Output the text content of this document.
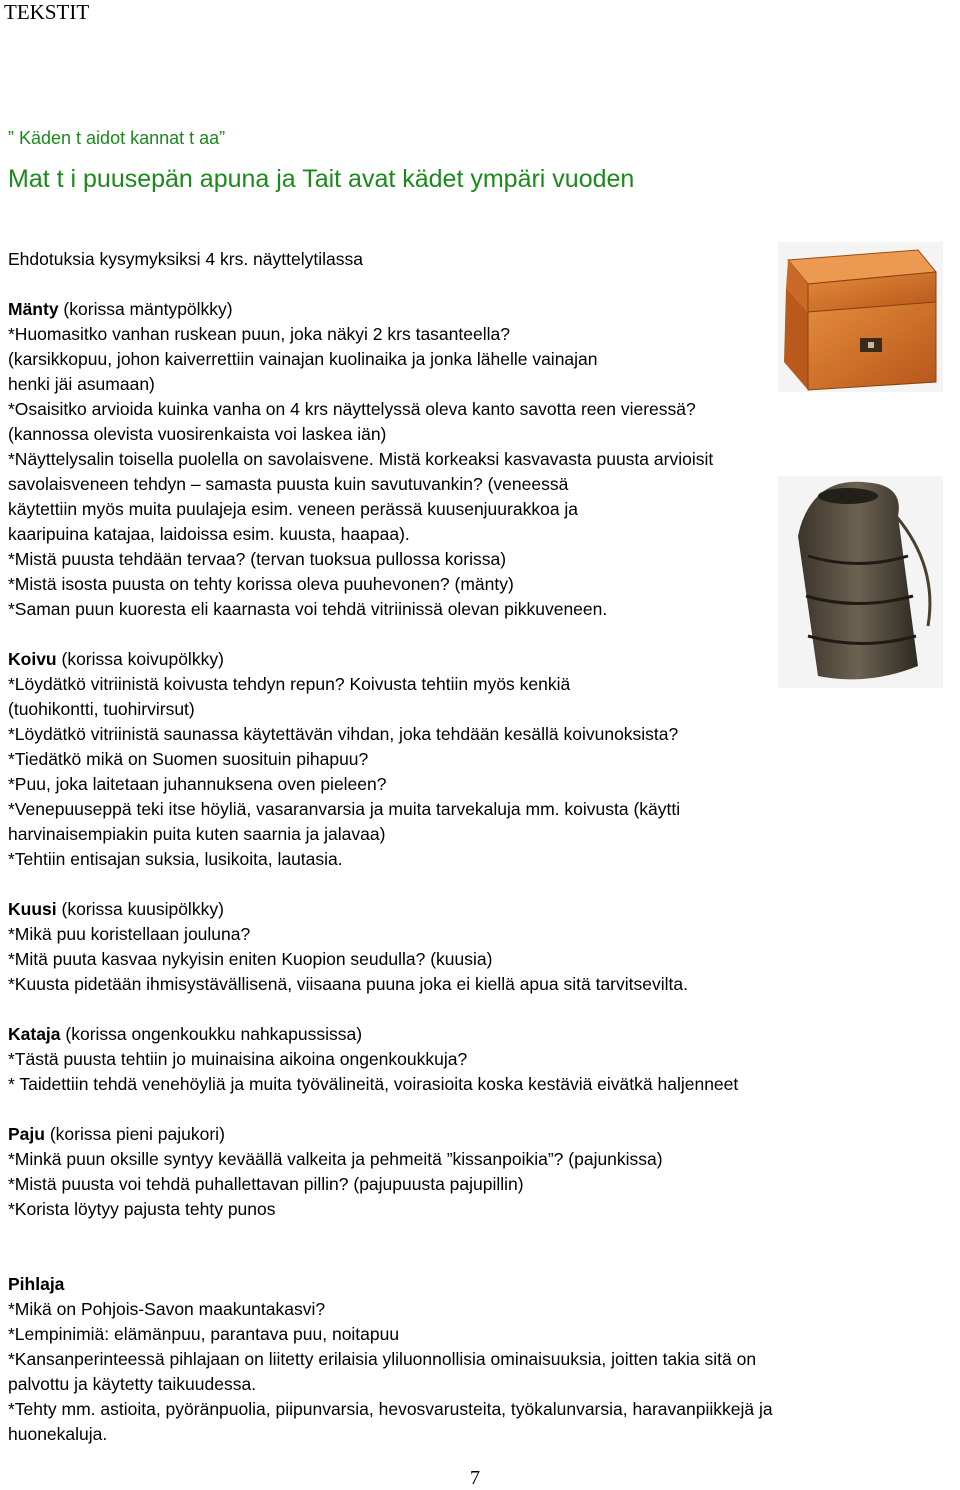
TEKSTIT
” Käden t aidot kannat t aa”
Mat t i puusepän apuna ja Tait avat kädet ympäri vuoden

Ehdotuksia kysymyksiksi 4 krs. näyttelytilassa

Mänty (korissa mäntypölkky)

*Huomasitko vanhan ruskean puun, joka näkyi 2 krs tasanteella?

(karsikkopuu, johon kaiverrettiin vainajan kuolinaika ja jonka lähelle vainajan

henki jäi asumaan)

*Osaisitko arvioida kuinka vanha on 4 krs näyttelyssä oleva kanto savotta reen vieressä?

(kannossa olevista vuosirenkaista voi laskea iän)

*Näyttelysalin toisella puolella on savolaisvene. Mistä korkeaksi kasvavasta puusta arvioisit

savolaisveneen tehdyn – samasta puusta kuin savutuvankin? (veneessä

käytettiin myös muita puulajeja esim. veneen perässä kuusenjuurakkoa ja

kaaripuina katajaa, laidoissa esim. kuusta, haapaa).

*Mistä puusta tehdään tervaa? (tervan tuoksua pullossa korissa)

*Mistä isosta puusta on tehty korissa oleva puuhevonen? (mänty)

*Saman puun kuoresta eli kaarnasta voi tehdä vitriinissä olevan pikkuveneen.

Koivu (korissa koivupölkky)

*Löydätkö vitriinistä koivusta tehdyn repun? Koivusta tehtiin myös kenkiä

(tuohikontti, tuohirvirsut)

*Löydätkö vitriinistä saunassa käytettävän vihdan, joka tehdään kesällä koivunoksista?

*Tiedätkö mikä on Suomen suosituin pihapuu?

*Puu, joka laitetaan juhannuksena oven pieleen?

*Venepuuseppä teki itse höyliä, vasaranvarsia ja muita tarvekaluja mm. koivusta (käytti

harvinaisempiakin puita kuten saarnia ja jalavaa)

*Tehtiin entisajan suksia, lusikoita, lautasia.

Kuusi (korissa kuusipölkky)

*Mikä puu koristellaan jouluna?

*Mitä puuta kasvaa nykyisin eniten Kuopion seudulla? (kuusia)

*Kuusta pidetään ihmisystävällisenä, viisaana puuna joka ei kiellä apua sitä tarvitsevilta.

Kataja (korissa ongenkoukku nahkapussissa)

*Tästä puusta tehtiin jo muinaisina aikoina ongenkoukkuja?

* Taidettiin tehdä venehöyliä ja muita työvälineitä, voirasioita koska kestäviä eivätkä haljenneet

Paju (korissa pieni pajukori)

*Minkä puun oksille syntyy keväällä valkeita ja pehmeitä ”kissanpoikia”? (pajunkissa)

*Mistä puusta voi tehdä puhallettavan pillin? (pajupuusta pajupillin)

*Korista löytyy pajusta tehty punos

Pihlaja

*Mikä on Pohjois-Savon maakuntakasvi?

*Lempinimiä: elämänpuu, parantava puu, noitapuu

*Kansanperinteessä pihlajaan on liitetty erilaisia yliluonnollisia ominaisuuksia, joitten takia sitä on

palvottu ja käytetty taikuudessa.

*Tehty mm. astioita, pyöränpuolia, piipunvarsia, hevosvarusteita, työkalunvarsia, haravanpiikkejä ja

huonekaluja.

7
